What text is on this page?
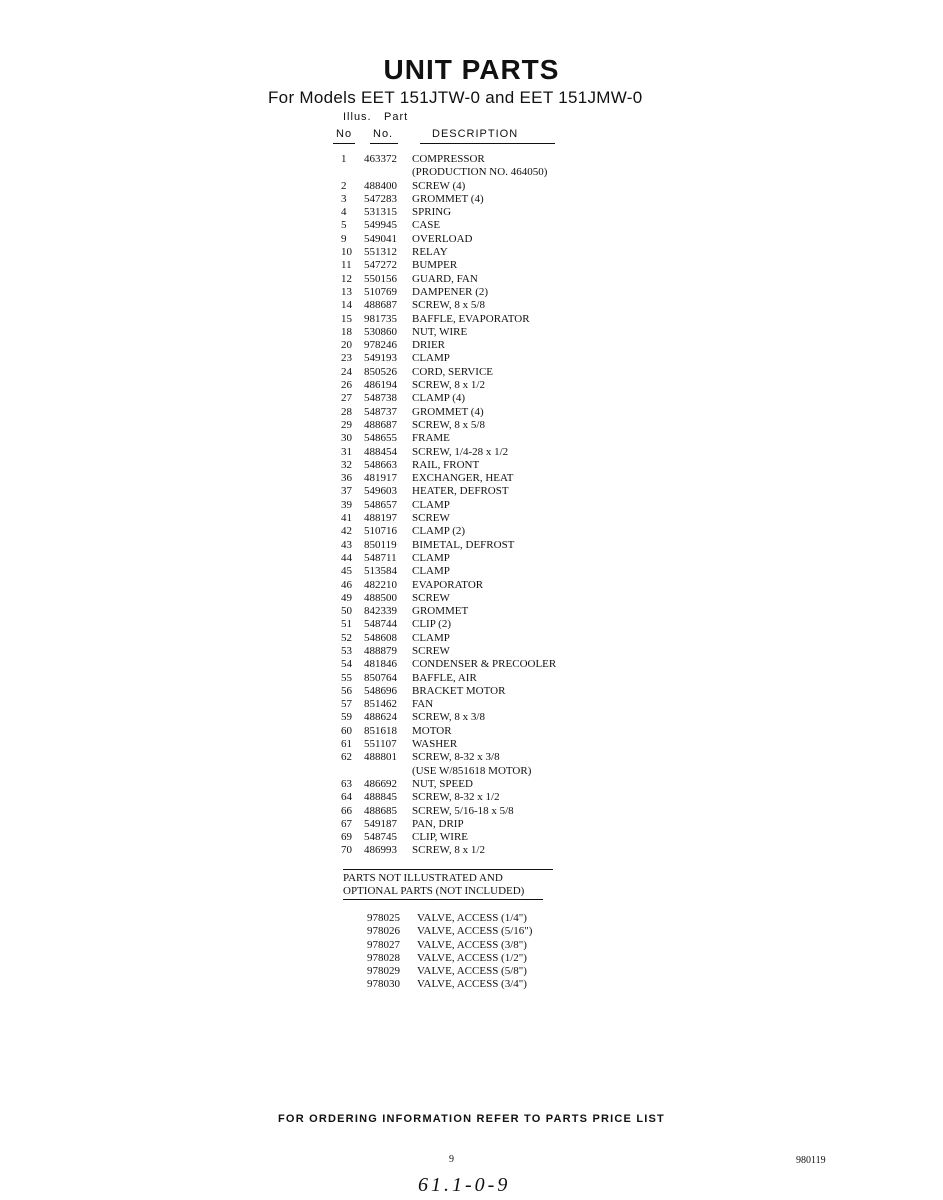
UNIT PARTS
For Models EET 151JTW-0 and EET 151JMW-0
Illus. Part
No No.	DESCRIPTION
1	463372	COMPRESSOR
(PRODUCTION NO. 464050)
2	488400	SCREW (4)
3	547283	GROMMET (4)
4	531315	SPRING
5	549945	CASE
9	549041	OVERLOAD
10	551312	RELAY
11	547272	BUMPER
12	550156	GUARD, FAN
13	510769	DAMPENER (2)
14	488687	SCREW, 8 x 5/8
15	981735	BAFFLE, EVAPORATOR
18	530860	NUT, WIRE
20	978246	DRIER
23	549193	CLAMP
24	850526	CORD, SERVICE
26	486194	SCREW, 8 x 1/2
27	548738	CLAMP (4)
28	548737	GROMMET (4)
29	488687	SCREW, 8 x 5/8
30	548655	FRAME
31	488454	SCREW, 1/4-28 x 1/2
32	548663	RAIL, FRONT
36	481917	EXCHANGER, HEAT
37	549603	HEATER, DEFROST
39	548657	CLAMP
41	488197	SCREW
42	510716	CLAMP (2)
43	850119	BIMETAL, DEFROST
44	548711	CLAMP
45	513584	CLAMP
46	482210	EVAPORATOR
49	488500	SCREW
50	842339	GROMMET
51	548744	CLIP (2)
52	548608	CLAMP
53	488879	SCREW
54	481846	CONDENSER & PRECOOLER
55	850764	BAFFLE, AIR
56	548696	BRACKET MOTOR
57	851462	FAN
59	488624	SCREW, 8 x 3/8
60	851618	MOTOR
61	551107	WASHER
62	488801	SCREW, 8-32 x 3/8
(USE W/851618 MOTOR)
63	486692	NUT, SPEED
64	488845	SCREW, 8-32 x 1/2
66	488685	SCREW, 5/16-18 x 5/8
67	549187	PAN, DRIP
69	548745	CLIP, WIRE
70	486993	SCREW, 8 x 1/2
PARTS NOT ILLUSTRATED AND
OPTIONAL PARTS (NOT INCLUDED)
978025	VALVE, ACCESS (1/4")
978026	VALVE, ACCESS (5/16")
978027	VALVE, ACCESS (3/8")
978028	VALVE, ACCESS (1/2")
978029	VALVE, ACCESS (5/8")
978030	VALVE, ACCESS (3/4")
FOR ORDERING INFORMATION REFER TO PARTS PRICE LIST
9	980119
61.1-0-9
